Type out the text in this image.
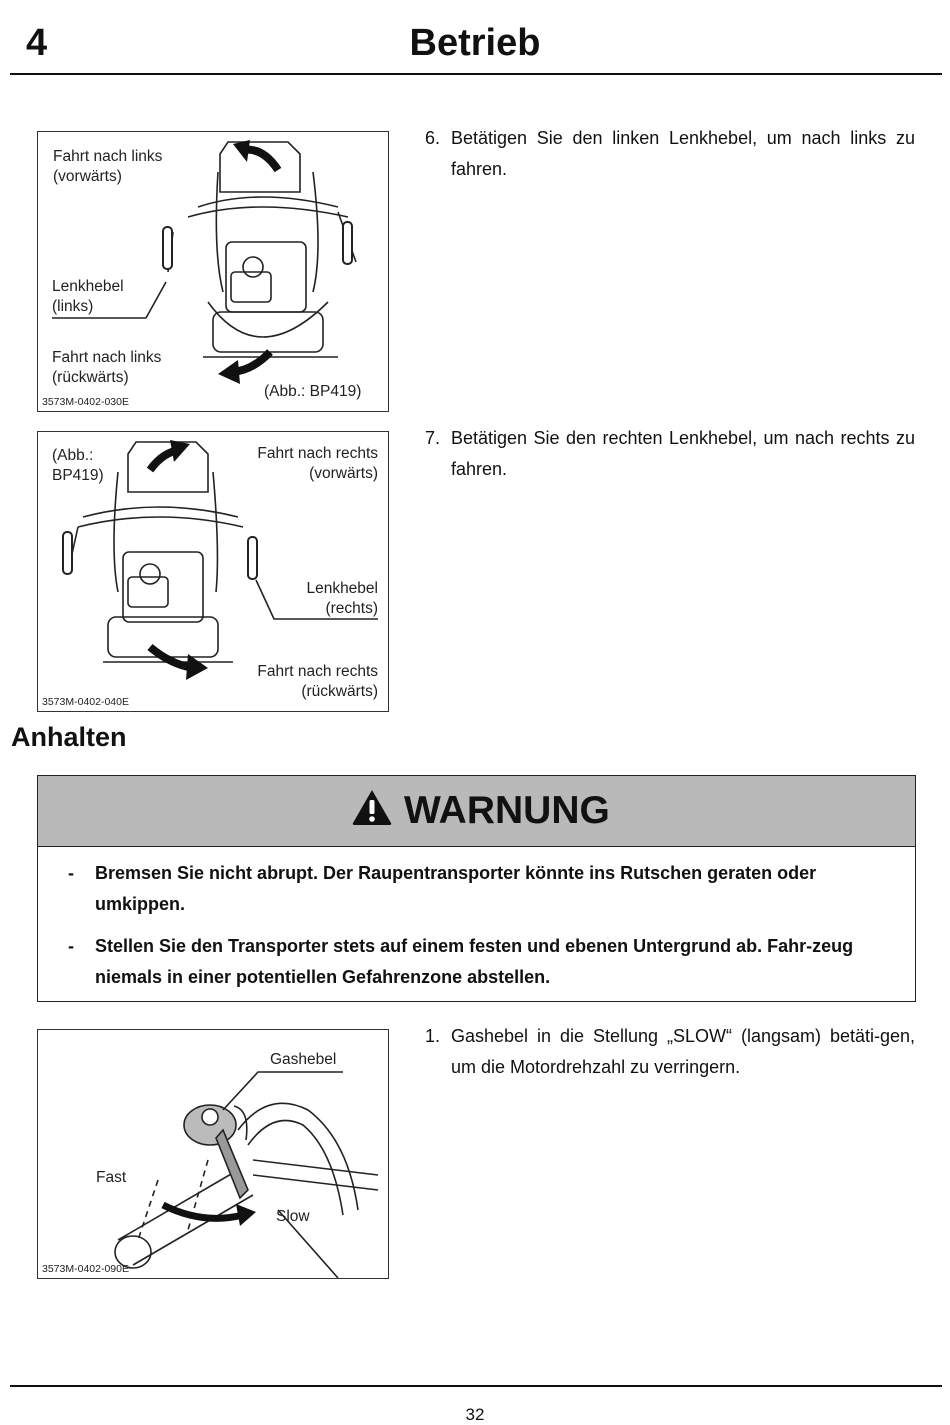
4	Betrieb
Fahrt nach links
(vorwärts)
Lenkhebel
(links)
Fahrt nach links
(rückwärts)
(Abb.: BP419)
3573M-0402-030E
6. Betätigen Sie den linken Lenkhebel, um nach links zu fahren.
(Abb.:
BP419)
Fahrt nach rechts
(vorwärts)
Lenkhebel
(rechts)
Fahrt nach rechts
(rückwärts)
3573M-0402-040E
7. Betätigen Sie den rechten Lenkhebel, um nach rechts zu fahren.
Anhalten
WARNUNG
- Bremsen Sie nicht abrupt. Der Raupentransporter könnte ins Rutschen geraten oder umkippen.
- Stellen Sie den Transporter stets auf einem festen und ebenen Untergrund ab. Fahr-zeug niemals in einer potentiellen Gefahrenzone abstellen.
Gashebel
Fast
Slow
3573M-0402-090E
1. Gashebel in die Stellung „SLOW“ (langsam) betäti-gen, um die Motordrehzahl zu verringern.
32
